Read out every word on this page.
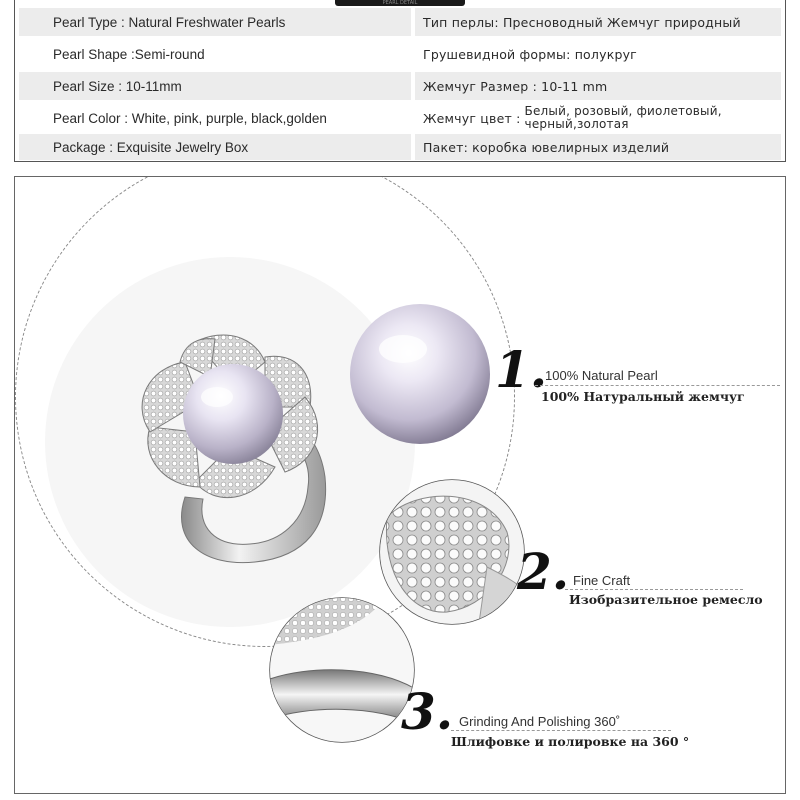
PEARL DETAIL
Pearl Type : Natural Freshwater Pearls	Тип перлы: Пресноводный Жемчуг природный
Pearl Shape :Semi-round	Грушевидной формы: полукруг
Pearl Size : 10-11mm	Жемчуг Размер : 10-11 mm
Pearl Color : White, pink, purple, black,golden	Жемчуг цвет : Белый, розовый, фиолетовый,
черный,золотая
Package : Exquisite Jewelry Box	Пакет: коробка ювелирных изделий
1.
100% Natural Pearl
100% Натуральный жемчуг
2. Fine Craft
Изобразительное ремесло
3. Grinding And Polishing 360˚
Шлифовке и полировке на 360 °
